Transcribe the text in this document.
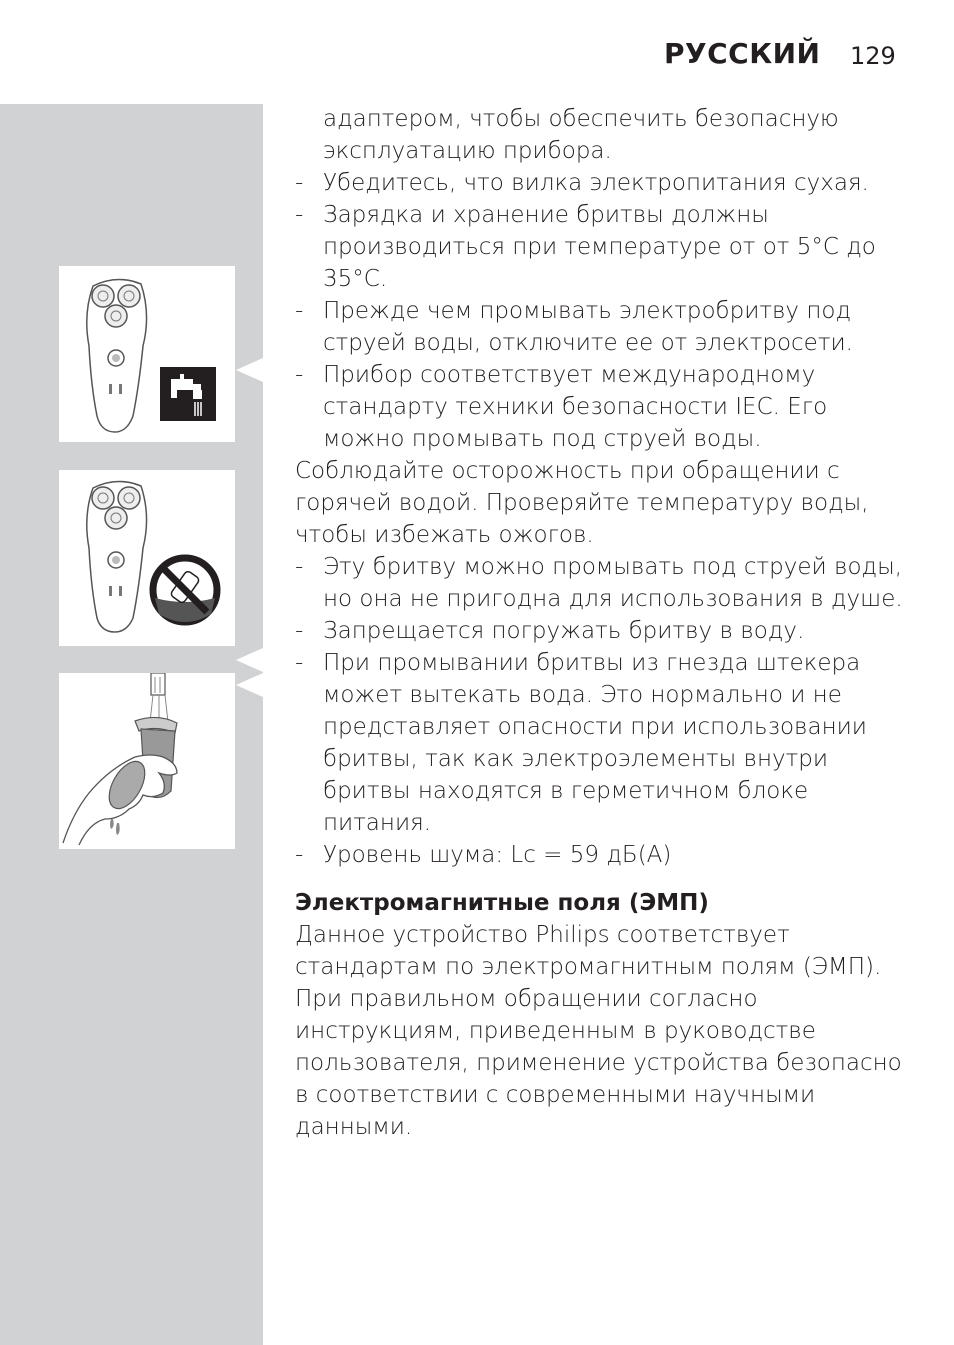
РУССКИЙ 129

адаптером, чтобы обеспечить безопасную эксплуатацию прибора.

- Убедитесь, что вилка электропитания сухая.
- Зарядка и хранение бритвы должны производиться при температуре от от 5°C до 35°C.
- Прежде чем промывать электробритву под струей воды, отключите ее от электросети.
- Прибор соответствует международному стандарту техники безопасности IEC. Его можно промывать под струей воды.

Соблюдайте осторожность при обращении с горячей водой. Проверяйте температуру воды, чтобы избежать ожогов.

- Эту бритву можно промывать под струей воды, но она не пригодна для использования в душе.
- Запрещается погружать бритву в воду.
- При промывании бритвы из гнезда штекера может вытекать вода. Это нормально и не представляет опасности при использовании бритвы, так как электроэлементы внутри бритвы находятся в герметичном блоке питания.
- Уровень шума: Lc = 59 дБ(A)

Электромагнитные поля (ЭМП)

Данное устройство Philips соответствует стандартам по электромагнитным полям (ЭМП). При правильном обращении согласно инструкциям, приведенным в руководстве пользователя, применение устройства безопасно в соответствии с современными научными данными.
